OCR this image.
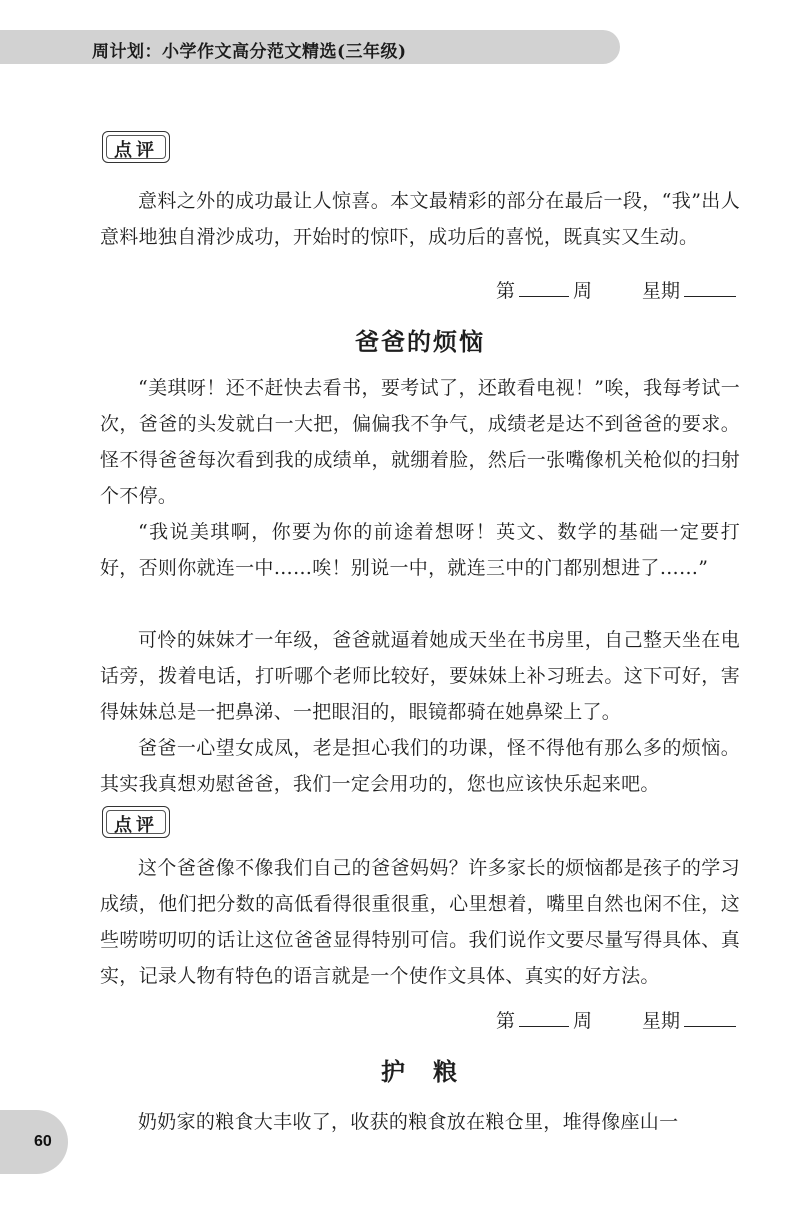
周计划：小学作文高分范文精选(三年级)
点评

意料之外的成功最让人惊喜。本文最精彩的部分在最后一段，“我”出人意料地独自滑沙成功，开始时的惊吓，成功后的喜悦，既真实又生动。

第	周	星期
爸爸的烦恼

“美琪呀！还不赶快去看书，要考试了，还敢看电视！”唉，我每考试一次，爸爸的头发就白一大把，偏偏我不争气，成绩老是达不到爸爸的要求。怪不得爸爸每次看到我的成绩单，就绷着脸，然后一张嘴像机关枪似的扫射个不停。

“我说美琪啊，你要为你的前途着想呀！英文、数学的基础一定要打好，否则你就连一中……唉！别说一中，就连三中的门都别想进了……”

可怜的妹妹才一年级，爸爸就逼着她成天坐在书房里，自己整天坐在电话旁，拨着电话，打听哪个老师比较好，要妹妹上补习班去。这下可好，害得妹妹总是一把鼻涕、一把眼泪的，眼镜都骑在她鼻梁上了。

爸爸一心望女成凤，老是担心我们的功课，怪不得他有那么多的烦恼。其实我真想劝慰爸爸，我们一定会用功的，您也应该快乐起来吧。

点评

这个爸爸像不像我们自己的爸爸妈妈？许多家长的烦恼都是孩子的学习成绩，他们把分数的高低看得很重很重，心里想着，嘴里自然也闲不住，这些唠唠叨叨的话让这位爸爸显得特别可信。我们说作文要尽量写得具体、真实，记录人物有特色的语言就是一个使作文具体、真实的好方法。

第	周	星期
护　粮

奶奶家的粮食大丰收了，收获的粮食放在粮仓里，堆得像座山一

60
